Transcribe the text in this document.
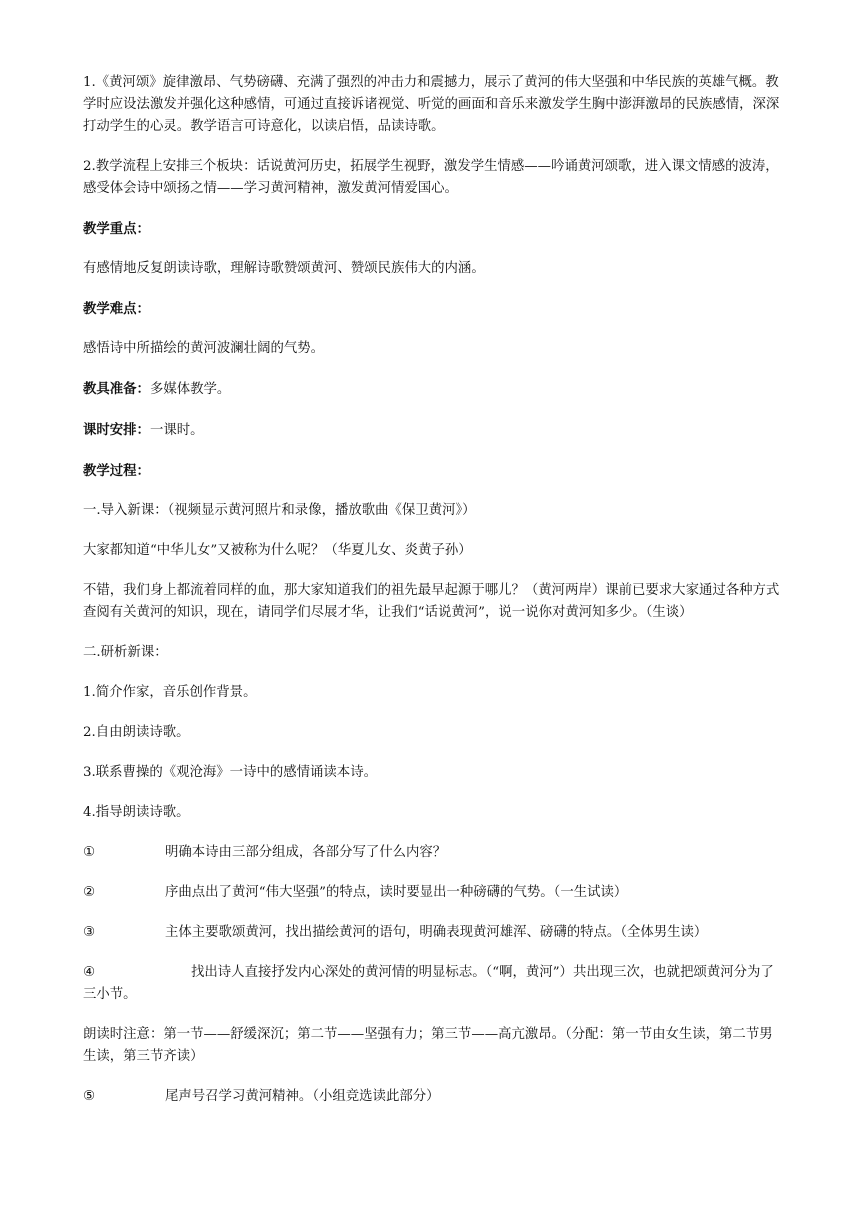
1.《黄河颂》旋律激昂、气势磅礴、充满了强烈的冲击力和震撼力，展示了黄河的伟大坚强和中华民族的英雄气概。教学时应设法激发并强化这种感情，可通过直接诉诸视觉、听觉的画面和音乐来激发学生胸中澎湃激昂的民族感情，深深打动学生的心灵。教学语言可诗意化，以读启悟，品读诗歌。

2.教学流程上安排三个板块：话说黄河历史，拓展学生视野，激发学生情感——吟诵黄河颂歌，进入课文情感的波涛，感受体会诗中颂扬之情——学习黄河精神，激发黄河情爱国心。

教学重点：

有感情地反复朗读诗歌，理解诗歌赞颂黄河、赞颂民族伟大的内涵。

教学难点：

感悟诗中所描绘的黄河波澜壮阔的气势。

教具准备：多媒体教学。

课时安排：一课时。

教学过程：

一.导入新课：（视频显示黄河照片和录像，播放歌曲《保卫黄河》）

大家都知道“中华儿女”又被称为什么呢？（华夏儿女、炎黄子孙）

不错，我们身上都流着同样的血，那大家知道我们的祖先最早起源于哪儿？（黄河两岸）课前已要求大家通过各种方式查阅有关黄河的知识，现在，请同学们尽展才华，让我们“话说黄河”，说一说你对黄河知多少。（生谈）

二.研析新课：

1.简介作家，音乐创作背景。

2.自由朗读诗歌。

3.联系曹操的《观沧海》一诗中的感情诵读本诗。

4.指导朗读诗歌。

①	明确本诗由三部分组成，各部分写了什么内容？

②	序曲点出了黄河“伟大坚强”的特点，读时要显出一种磅礴的气势。（一生试读）

③	主体主要歌颂黄河，找出描绘黄河的语句，明确表现黄河雄浑、磅礴的特点。（全体男生读）

④	找出诗人直接抒发内心深处的黄河情的明显标志。（“啊，黄河”）共出现三次，也就把颂黄河分为了三小节。

朗读时注意：第一节——舒缓深沉；第二节——坚强有力；第三节——高亢激昂。（分配：第一节由女生读，第二节男生读，第三节齐读）

⑤	尾声号召学习黄河精神。（小组竞选读此部分）
